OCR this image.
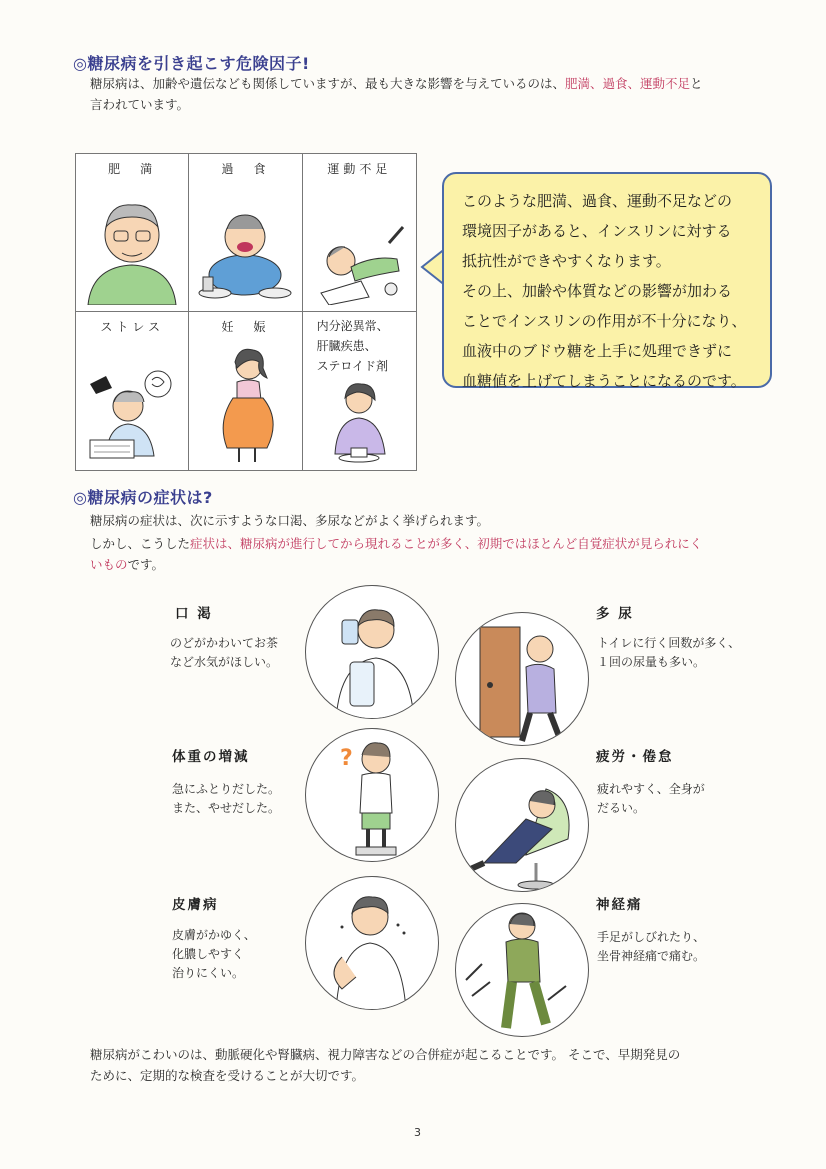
◎糖尿病を引き起こす危険因子!
糖尿病は、加齢や遺伝なども関係していますが、最も大きな影響を与えているのは、肥満、過食、運動不足と
言われています。
肥　満	過　食	運動不足
ストレス	妊　娠	内分泌異常、
肝臓疾患、
ステロイド剤
このような肥満、過食、運動不足などの
環境因子があると、インスリンに対する
抵抗性ができやすくなります。
その上、加齢や体質などの影響が加わる
ことでインスリンの作用が不十分になり、
血液中のブドウ糖を上手に処理できずに
血糖値を上げてしまうことになるのです。
◎糖尿病の症状は?
糖尿病の症状は、次に示すような口渇、多尿などがよく挙げられます。
しかし、こうした症状は、糖尿病が進行してから現れることが多く、初期ではほとんど自覚症状が見られにく
いものです。
口 渇
のどがかわいてお茶
など水気がほしい。
多 尿
トイレに行く回数が多く、
１回の尿量も多い。
体重の増減
急にふとりだした。
また、やせだした。
?	疲労・倦怠
疲れやすく、全身が
だるい。
皮膚病
皮膚がかゆく、
化膿しやすく
治りにくい。
神経痛
手足がしびれたり、
坐骨神経痛で痛む。
糖尿病がこわいのは、動脈硬化や腎臓病、視力障害などの合併症が起こることです。 そこで、早期発見の
ために、定期的な検査を受けることが大切です。
3
